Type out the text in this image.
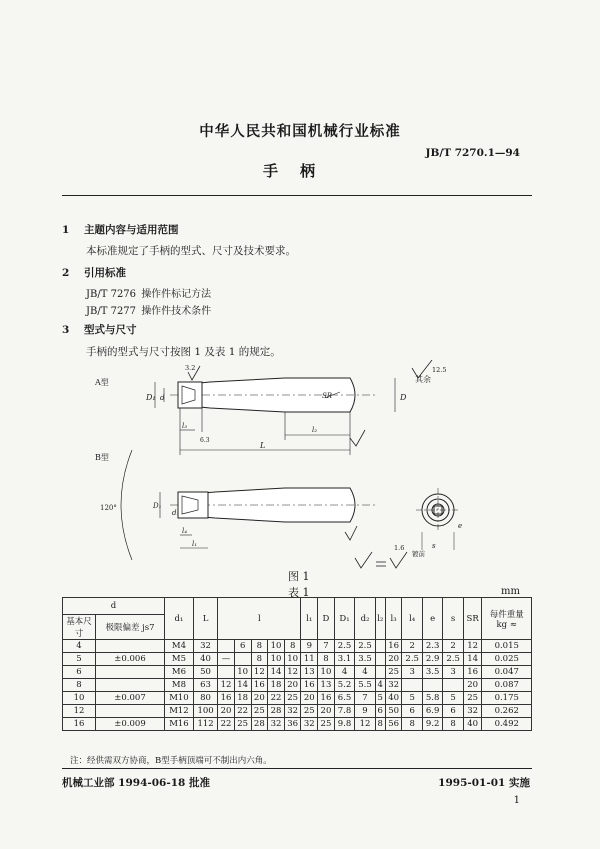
中华人民共和国机械行业标准
JB/T 7270.1—94
手柄
1 主题内容与适用范围
本标准规定了手柄的型式、尺寸及技术要求。
2 引用标准
JB/T 7276 操作件标记方法
JB/T 7277 操作件技术条件
3 型式与尺寸
手柄的型式与尺寸按图 1 及表 1 的规定。
A型
B型
3.2
其余
12.5
D₁ d	D
SR
l₂
L
l₃
6.3
120°	D₁
d₁
l₄
l₁	s
e
镀前
1.6
图 1
表 1	mm
d		d₁	L	l					l₁	D	D₁	d₂	l₂	l₃	l₄	e	s	SR	每件重量
kg ≈
基本尺寸	极限偏差 js7																		
4		M4	32		6	8	10	8	9	7	2.5	2.5		16	2	2.3	2	12	0.015
5	±0.006	M5	40	—		8	10	10	11	8	3.1	3.5		20	2.5	2.9	2.5	14	0.025
6		M6	50		10	12	14	12	13	10	4	4		25	3	3.5	3	16	0.047
8		M8	63	12	14	16	18	20	16	13	5.2	5.5	4	32				20	0.087
10	±0.007	M10	80	16	18	20	22	25	20	16	6.5	7	5	40	5	5.8	5	25	0.175
12		M12	100	20	22	25	28	32	25	20	7.8	9	6	50	6	6.9	6	32	0.262
16	±0.009	M16	112	22	25	28	32	36	32	25	9.8	12	8	56	8	9.2	8	40	0.492
注：经供需双方协商，B型手柄顶端可不制出内六角。
机械工业部 1994-06-18 批准	1995-01-01 实施
1
